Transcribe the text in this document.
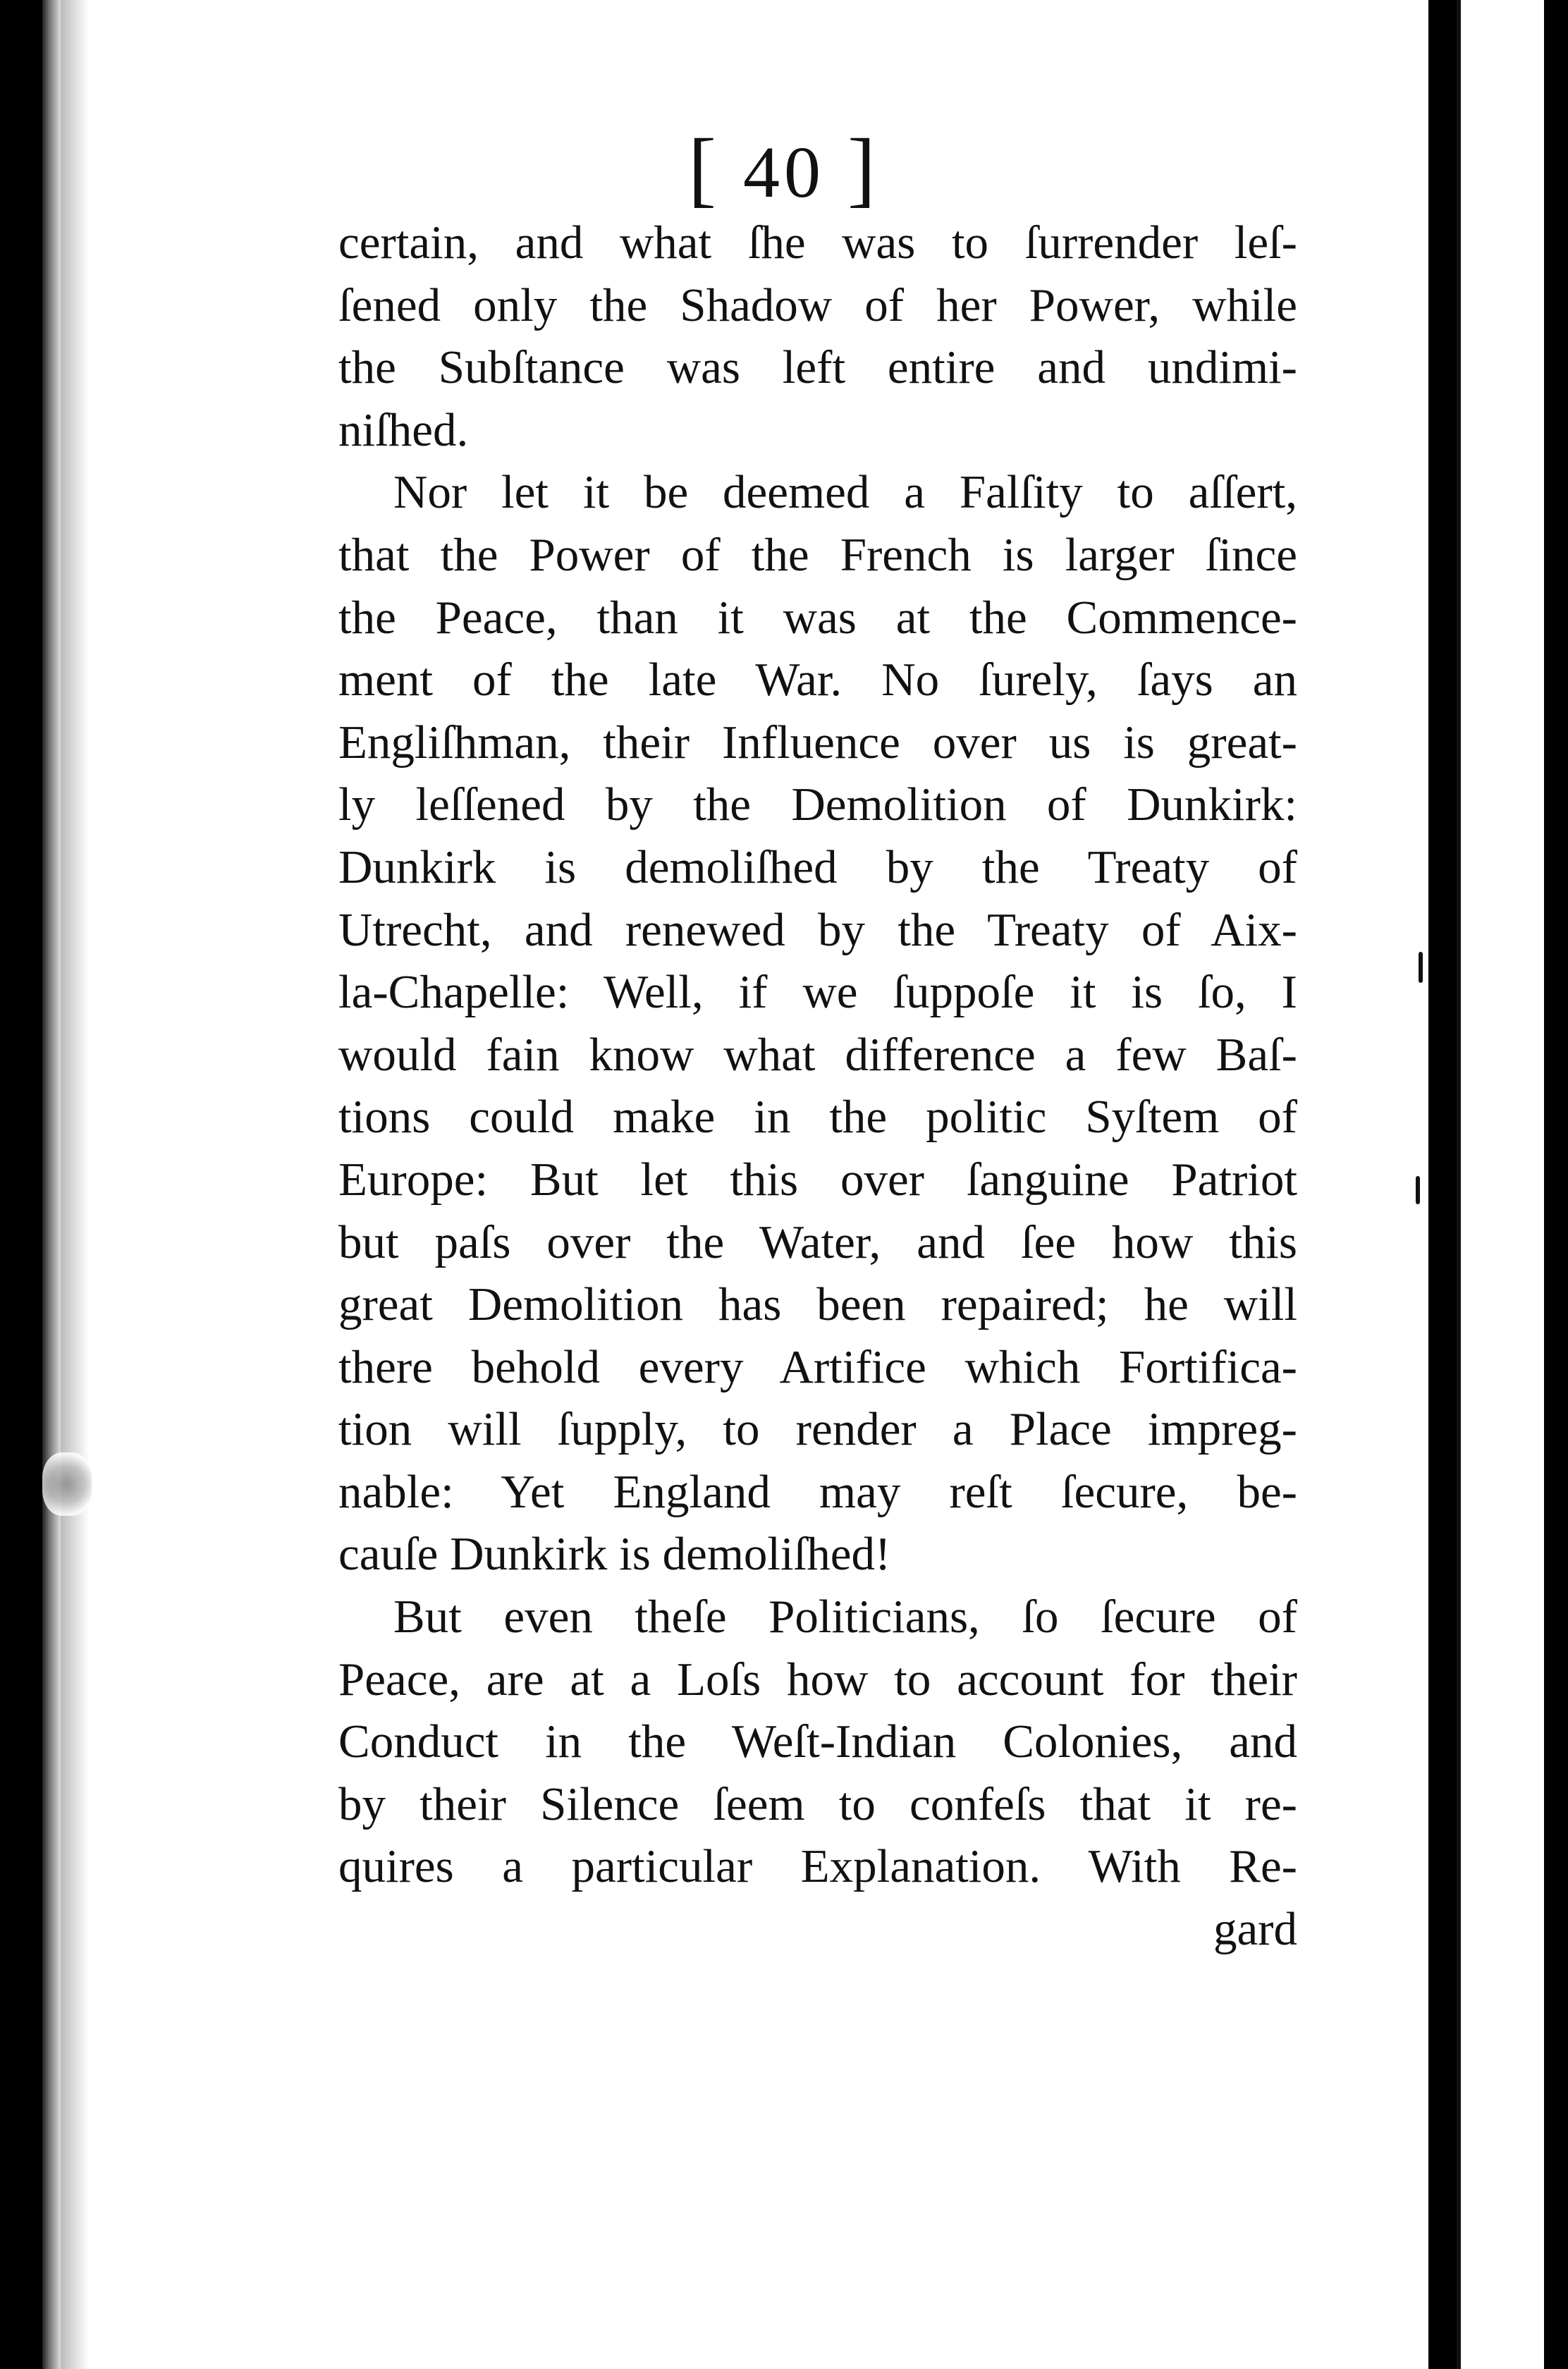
[ 40 ]
certain, and what ſhe was to ſurrender leſ-
ſened only the Shadow of her Power, while
the Subſtance was left entire and undimi-
niſhed.
Nor let it be deemed a Falſity to aſſert,
that the Power of the French is larger ſince
the Peace, than it was at the Commence-
ment of the late War. No ſurely, ſays an
Engliſhman, their Influence over us is great-
ly leſſened by the Demolition of Dunkirk:
Dunkirk is demoliſhed by the Treaty of
Utrecht, and renewed by the Treaty of Aix-
la-Chapelle: Well, if we ſuppoſe it is ſo, I
would fain know what difference a few Baſ-
tions could make in the politic Syſtem of
Europe: But let this over ſanguine Patriot
but paſs over the Water, and ſee how this
great Demolition has been repaired; he will
there behold every Artifice which Fortifica-
tion will ſupply, to render a Place impreg-
nable: Yet England may reſt ſecure, be-
cauſe Dunkirk is demoliſhed!
But even theſe Politicians, ſo ſecure of
Peace, are at a Loſs how to account for their
Conduct in the Weſt-Indian Colonies, and
by their Silence ſeem to confeſs that it re-
quires a particular Explanation. With Re-
gard
